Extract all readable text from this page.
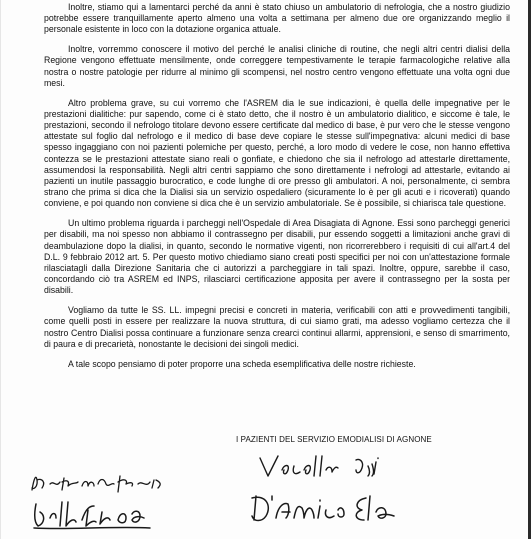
Inoltre, stiamo qui a lamentarci perché da anni è stato chiuso un ambulatorio di nefrologia, che a nostro giudizio potrebbe essere tranquillamente aperto almeno una volta a settimana per almeno due ore organizzando meglio il personale esistente in loco con la dotazione organica attuale.

Inoltre, vorremmo conoscere il motivo del perché le analisi cliniche di routine, che negli altri centri dialisi della Regione vengono effettuate mensilmente, onde correggere tempestivamente le terapie farmacologiche relative alla nostra o nostre patologie per ridurre al minimo gli scompensi, nel nostro centro vengono effettuate una volta ogni due mesi.

Altro problema grave, su cui vorremo che l'ASREM dia le sue indicazioni, è quella delle impegnative per le prestazioni dialitiche: pur sapendo, come ci è stato detto, che il nostro è un ambulatorio dialitico, e siccome è tale, le prestazioni, secondo il nefrologo titolare devono essere certificate dal medico di base, è pur vero che le stesse vengono attestate sul foglio dal nefrologo e il medico di base deve copiare le stesse sull'impegnativa: alcuni medici di base spesso ingaggiano con noi pazienti polemiche per questo, perché, a loro modo di vedere le cose, non hanno effettiva contezza se le prestazioni attestate siano reali o gonfiate, e chiedono che sia il nefrologo ad attestarle direttamente, assumendosi la responsabilità. Negli altri centri sappiamo che sono direttamente i nefrologi ad attestarle, evitando ai pazienti un inutile passaggio burocratico, e code lunghe di ore presso gli ambulatori. A noi, personalmente, ci sembra strano che prima si dica che la Dialisi sia un servizio ospedaliero (sicuramente lo è per gli acuti e i ricoverati) quando conviene, e poi quando non conviene si dica che è un servizio ambulatoriale. Se è possibile, si chiarisca tale questione.

Un ultimo problema riguarda i parcheggi nell'Ospedale di Area Disagiata di Agnone. Essi sono parcheggi generici per disabili, ma noi spesso non abbiamo il contrassegno per disabili, pur essendo soggetti a limitazioni anche gravi di deambulazione dopo la dialisi, in quanto, secondo le normative vigenti, non ricorrerebbero i requisiti di cui all'art.4 del D.L. 9 febbraio 2012 art. 5. Per questo motivo chiediamo siano creati posti specifici per noi con un'attestazione formale rilasciatagli dalla Direzione Sanitaria che ci autorizzi a parcheggiare in tali spazi. Inoltre, oppure, sarebbe il caso, concordando ciò tra ASREM ed INPS, rilasciarci certificazione apposita per avere il contrassegno per la sosta per disabili.

Vogliamo da tutte le SS. LL. impegni precisi e concreti in materia, verificabili con atti e provvedimenti tangibili, come quelli posti in essere per realizzare la nuova struttura, di cui siamo grati, ma adesso vogliamo certezza che il nostro Centro Dialisi possa continuare a funzionare senza crearci continui allarmi, apprensioni, e senso di smarrimento, di paura e di precarietà, nonostante le decisioni dei singoli medici.

A tale scopo pensiamo di poter proporre una scheda esemplificativa delle nostre richieste.

I PAZIENTI DEL SERVIZIO EMODIALISI DI AGNONE
